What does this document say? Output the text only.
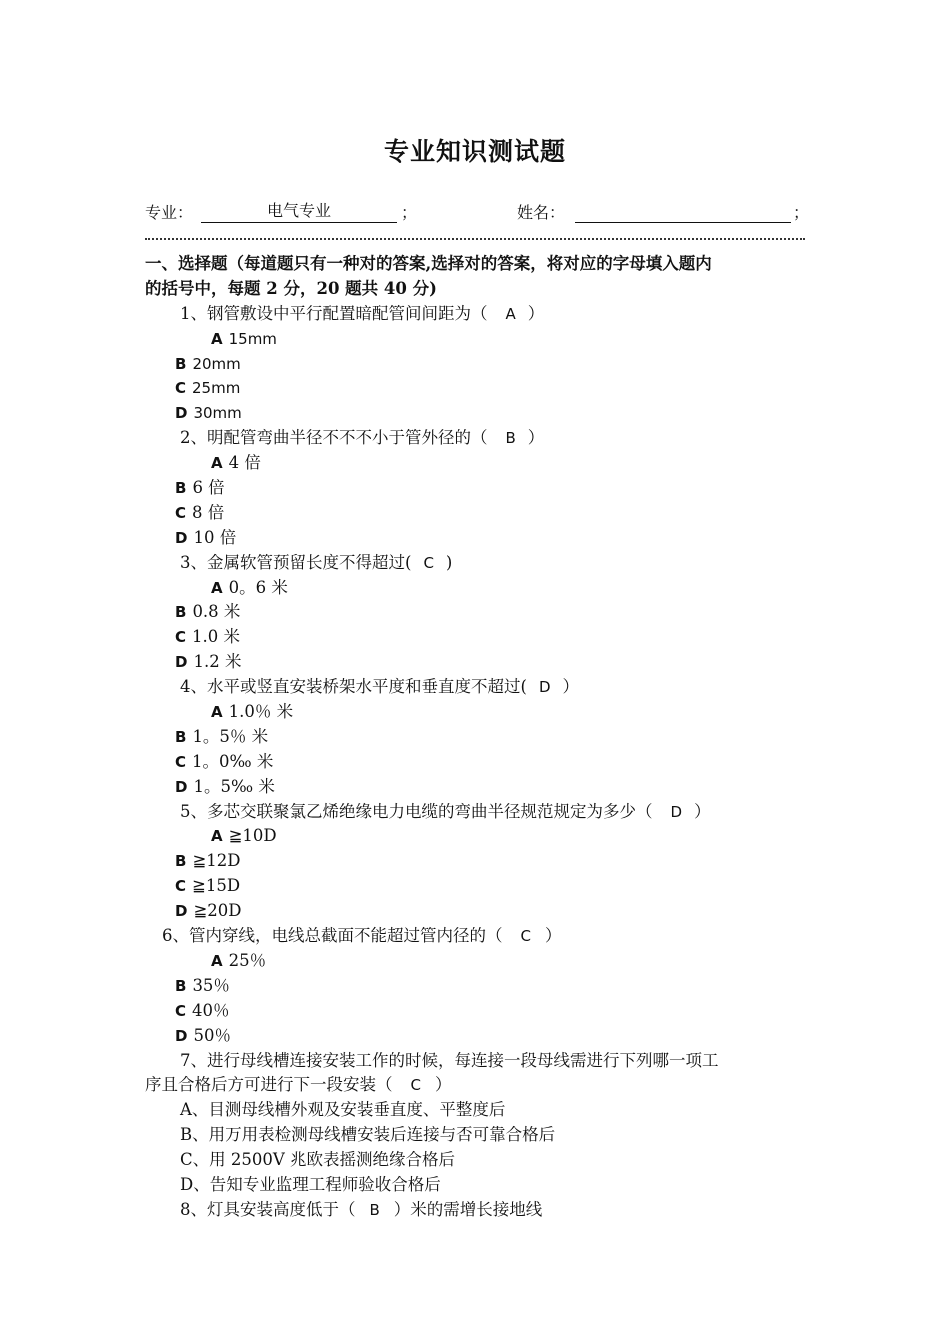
专业知识测试题
专业：	电气专业	；	姓名：	；
一、选择题（每道题只有一种对的答案,选择对的答案，将对应的字母填入题内
的括号中，每题 2 分，20 题共 40 分)
1、钢管敷设中平行配置暗配管间间距为（ A ）
A 15mm
B 20mm
C 25mm
D 30mm
2、明配管弯曲半径不不不小于管外径的（ B ）
A 4 倍
B 6 倍
C 8 倍
D 10 倍
3、金属软管预留长度不得超过( C )
A 0。6 米
B 0.8 米
C 1.0 米
D 1.2 米
4、水平或竖直安装桥架水平度和垂直度不超过( D ）
A 1.0％ 米
B 1。5％ 米
C 1。0‰ 米
D 1。5‰ 米
5、多芯交联聚氯乙烯绝缘电力电缆的弯曲半径规范规定为多少（ D ）
A ≧10D
B ≧12D
C ≧15D
D ≧20D
6、管内穿线，电线总截面不能超过管内径的（ C ）
A 25％
B 35％
C 40％
D 50％
7、进行母线槽连接安装工作的时候，每连接一段母线需进行下列哪一项工
序且合格后方可进行下一段安装（ C ）
A、目测母线槽外观及安装垂直度、平整度后
B、用万用表检测母线槽安装后连接与否可靠合格后
C、用 2500V 兆欧表摇测绝缘合格后
D、告知专业监理工程师验收合格后
8、灯具安装高度低于（ B ）米的需增长接地线
